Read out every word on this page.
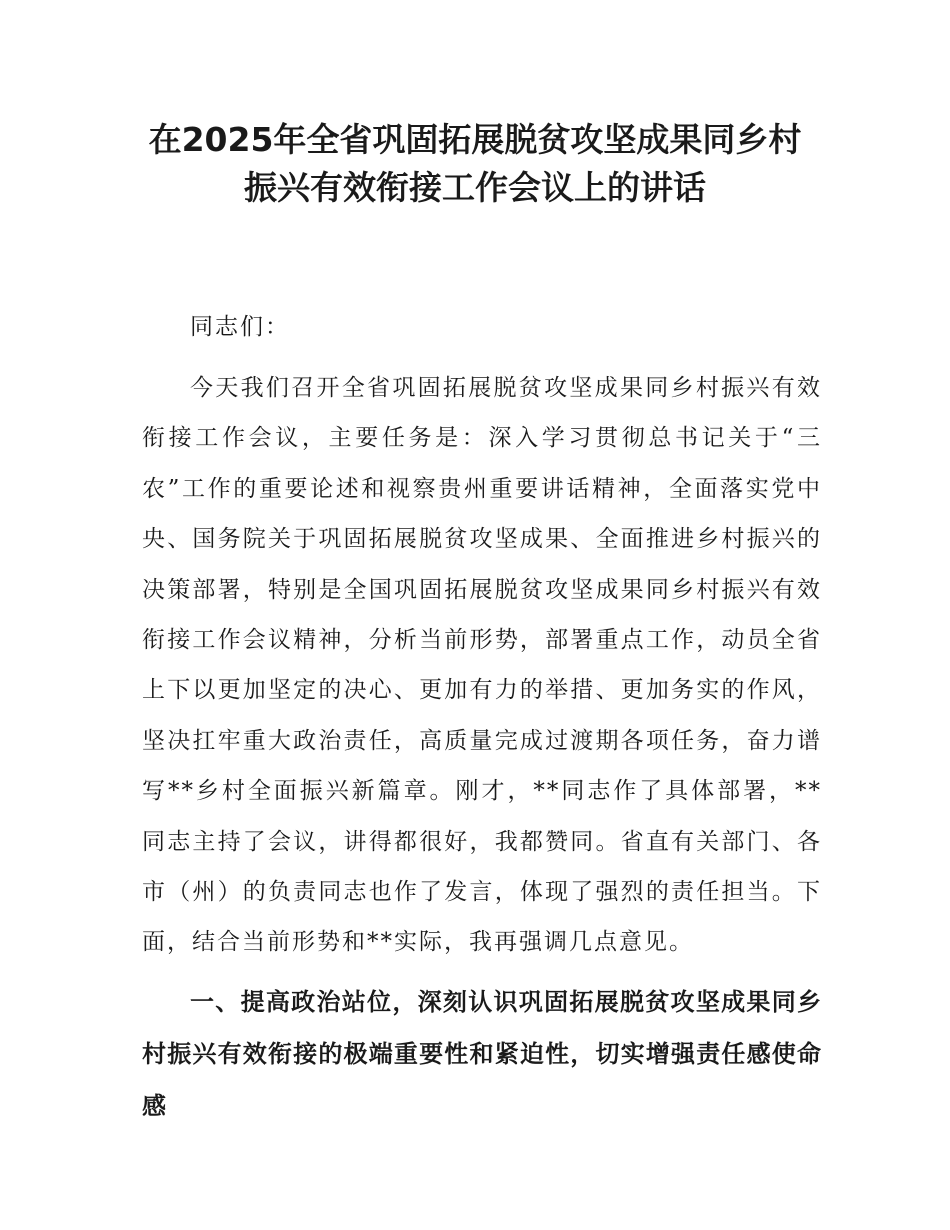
在2025年全省巩固拓展脱贫攻坚成果同乡村
振兴有效衔接工作会议上的讲话

同志们：

今天我们召开全省巩固拓展脱贫攻坚成果同乡村振兴有效衔接工作会议，主要任务是：深入学习贯彻总书记关于“三农”工作的重要论述和视察贵州重要讲话精神，全面落实党中央、国务院关于巩固拓展脱贫攻坚成果、全面推进乡村振兴的决策部署，特别是全国巩固拓展脱贫攻坚成果同乡村振兴有效衔接工作会议精神，分析当前形势，部署重点工作，动员全省上下以更加坚定的决心、更加有力的举措、更加务实的作风，坚决扛牢重大政治责任，高质量完成过渡期各项任务，奋力谱写**乡村全面振兴新篇章。刚才，**同志作了具体部署，**同志主持了会议，讲得都很好，我都赞同。省直有关部门、各市（州）的负责同志也作了发言，体现了强烈的责任担当。下面，结合当前形势和**实际，我再强调几点意见。

一、提高政治站位，深刻认识巩固拓展脱贫攻坚成果同乡村振兴有效衔接的极端重要性和紧迫性，切实增强责任感使命感
